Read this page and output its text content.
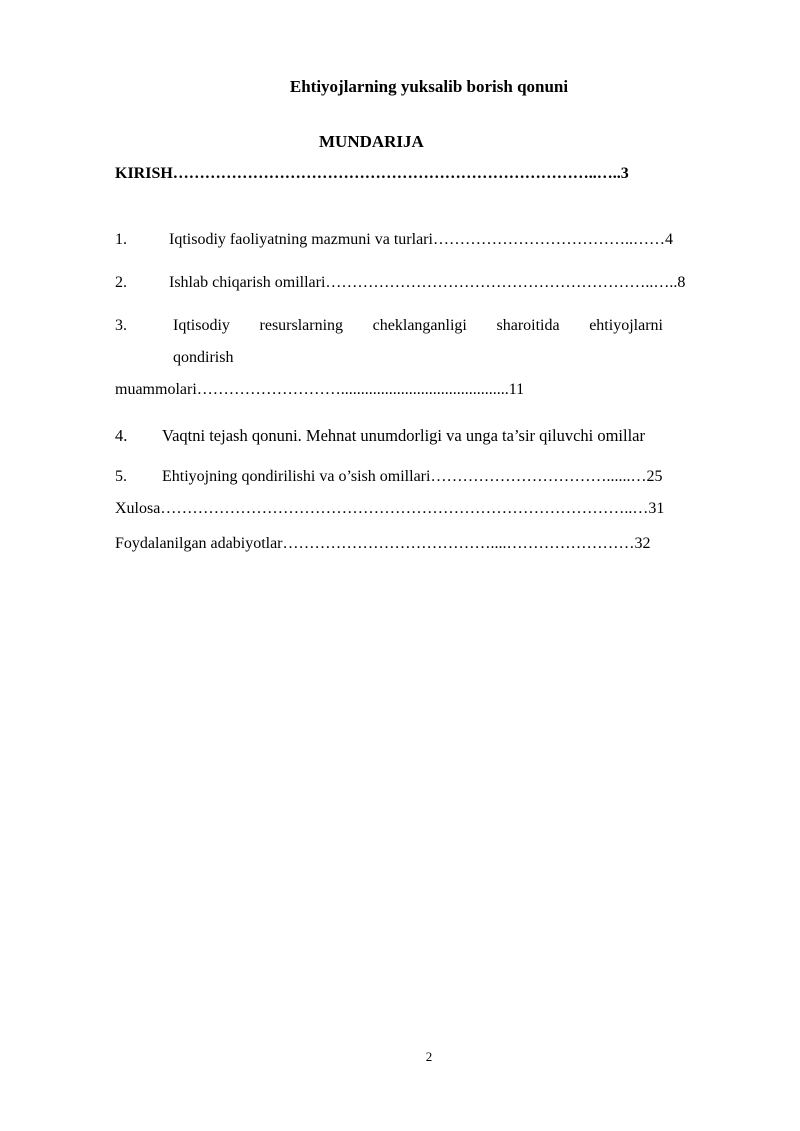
Ehtiyojlarning yuksalib borish qonuni
MUNDARIJA
KIRISH……………………………………………………………………..…..3
1.	Iqtisodiy faoliyatning mazmuni va turlari………………………………..……4
2.	Ishlab chiqarish omillari……………………………………………………..…..8
3.	Iqtisodiy resurslarning cheklanganligi sharoitida ehtiyojlarni
qondirish
muammolari………………………..........................................11
4. Vaqtni tejash qonuni. Mehnat unumdorligi va unga ta’sir qiluvchi omillar
5. Ehtiyojning qondirilishi va o’sish omillari……………………………......…25
Xulosa……………………………………………………………………………..…31
Foydalanilgan adabiyotlar…………………………………....……………………32
2
